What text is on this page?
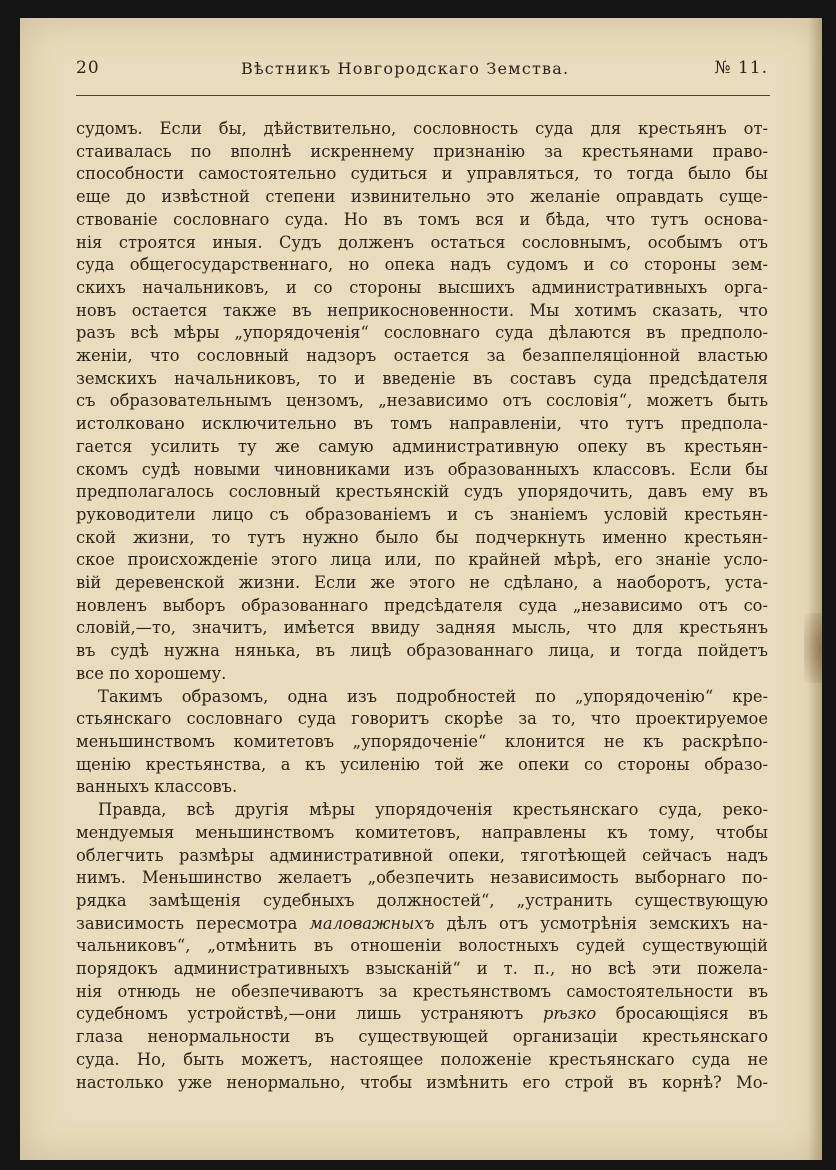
20	Вѣстникъ Новгородскаго Земства.	№ 11.

судомъ. Если бы, дѣйствительно, сословность суда для крестьянъ от-
стаивалась по вполнѣ искреннему признанiю за крестьянами право-
способности самостоятельно судиться и управляться, то тогда было бы
еще до извѣстной степени извинительно это желанiе оправдать суще-
ствованiе сословнаго суда. Но въ томъ вся и бѣда, что тутъ основа-
нiя строятся иныя. Судъ долженъ остаться сословнымъ, особымъ отъ
суда общегосударственнаго, но опека надъ судомъ и со стороны зем-
скихъ начальниковъ, и со стороны высшихъ административныхъ орга-
новъ остается также въ неприкосновенности. Мы хотимъ сказать, что
разъ всѣ мѣры „упорядоченiя“ сословнаго суда дѣлаются въ предполо-
женiи, что сословный надзоръ остается за безаппеляцiонной властью
земскихъ начальниковъ, то и введенiе въ составъ суда предсѣдателя
съ образовательнымъ цензомъ, „независимо отъ сословiя“, можетъ быть
истолковано исключительно въ томъ направленiи, что тутъ предпола-
гается усилить ту же самую административную опеку въ крестьян-
скомъ судѣ новыми чиновниками изъ образованныхъ классовъ. Если бы
предполагалось сословный крестьянскiй судъ упорядочить, давъ ему въ
руководители лицо съ образованiемъ и съ знанiемъ условiй крестьян-
ской жизни, то тутъ нужно было бы подчеркнуть именно крестьян-
ское происхожденiе этого лица или, по крайней мѣрѣ, его знанiе усло-
вiй деревенской жизни. Если же этого не сдѣлано, а наоборотъ, уста-
новленъ выборъ образованнаго предсѣдателя суда „независимо отъ со-
словiй,—то, значитъ, имѣется ввиду задняя мысль, что для крестьянъ
въ судѣ нужна нянька, въ лицѣ образованнаго лица, и тогда пойдетъ
все по хорошему.

Такимъ образомъ, одна изъ подробностей по „упорядоченiю“ кре-
стьянскаго сословнаго суда говоритъ скорѣе за то, что проектируемое
меньшинствомъ комитетовъ „упорядоченiе“ клонится не къ раскрѣпо-
щенiю крестьянства, а къ усиленiю той же опеки со стороны образо-
ванныхъ классовъ.

Правда, всѣ другiя мѣры упорядоченiя крестьянскаго суда, реко-
мендуемыя меньшинствомъ комитетовъ, направлены къ тому, чтобы
облегчить размѣры административной опеки, тяготѣющей сейчасъ надъ
нимъ. Меньшинство желаетъ „обезпечить независимость выборнаго по-
рядка замѣщенiя судебныхъ должностей“, „устранить существующую
зависимость пересмотра маловажныхъ дѣлъ отъ усмотрѣнiя земскихъ на-
чальниковъ“, „отмѣнить въ отношенiи волостныхъ судей существующiй
порядокъ административныхъ взысканiй“ и т. п., но всѣ эти пожела-
нiя отнюдь не обезпечиваютъ за крестьянствомъ самостоятельности въ
судебномъ устройствѣ,—они лишь устраняютъ рѣзко бросающiяся въ
глаза ненормальности въ существующей организацiи крестьянскаго
суда. Но, быть можетъ, настоящее положенiе крестьянскаго суда не
настолько уже ненормально, чтобы измѣнить его строй въ корнѣ? Мо-
